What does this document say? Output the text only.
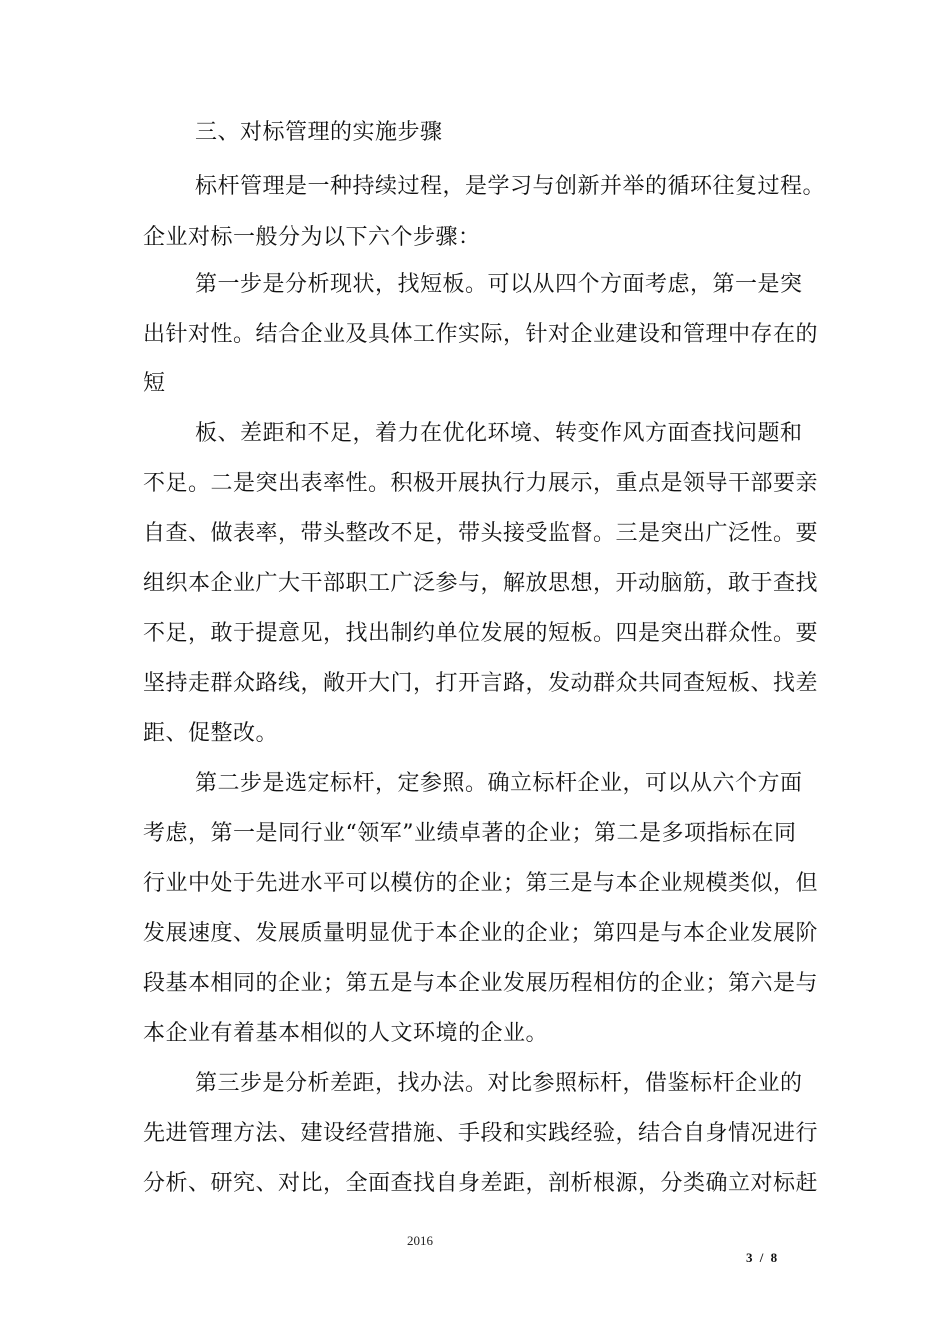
三、对标管理的实施步骤
标杆管理是一种持续过程，是学习与创新并举的循环往复过程。
企业对标一般分为以下六个步骤：
第一步是分析现状，找短板。可以从四个方面考虑，第一是突
出针对性。结合企业及具体工作实际，针对企业建设和管理中存在的
短
板、差距和不足，着力在优化环境、转变作风方面查找问题和
不足。二是突出表率性。积极开展执行力展示，重点是领导干部要亲
自查、做表率，带头整改不足，带头接受监督。三是突出广泛性。要
组织本企业广大干部职工广泛参与，解放思想，开动脑筋，敢于查找
不足，敢于提意见，找出制约单位发展的短板。四是突出群众性。要
坚持走群众路线，敞开大门，打开言路，发动群众共同查短板、找差
距、促整改。
第二步是选定标杆，定参照。确立标杆企业，可以从六个方面
考虑，第一是同行业“领军”业绩卓著的企业；第二是多项指标在同
行业中处于先进水平可以模仿的企业；第三是与本企业规模类似，但
发展速度、发展质量明显优于本企业的企业；第四是与本企业发展阶
段基本相同的企业；第五是与本企业发展历程相仿的企业；第六是与
本企业有着基本相似的人文环境的企业。
第三步是分析差距，找办法。对比参照标杆，借鉴标杆企业的
先进管理方法、建设经营措施、手段和实践经验，结合自身情况进行
分析、研究、对比，全面查找自身差距，剖析根源，分类确立对标赶
2016
3 / 8
